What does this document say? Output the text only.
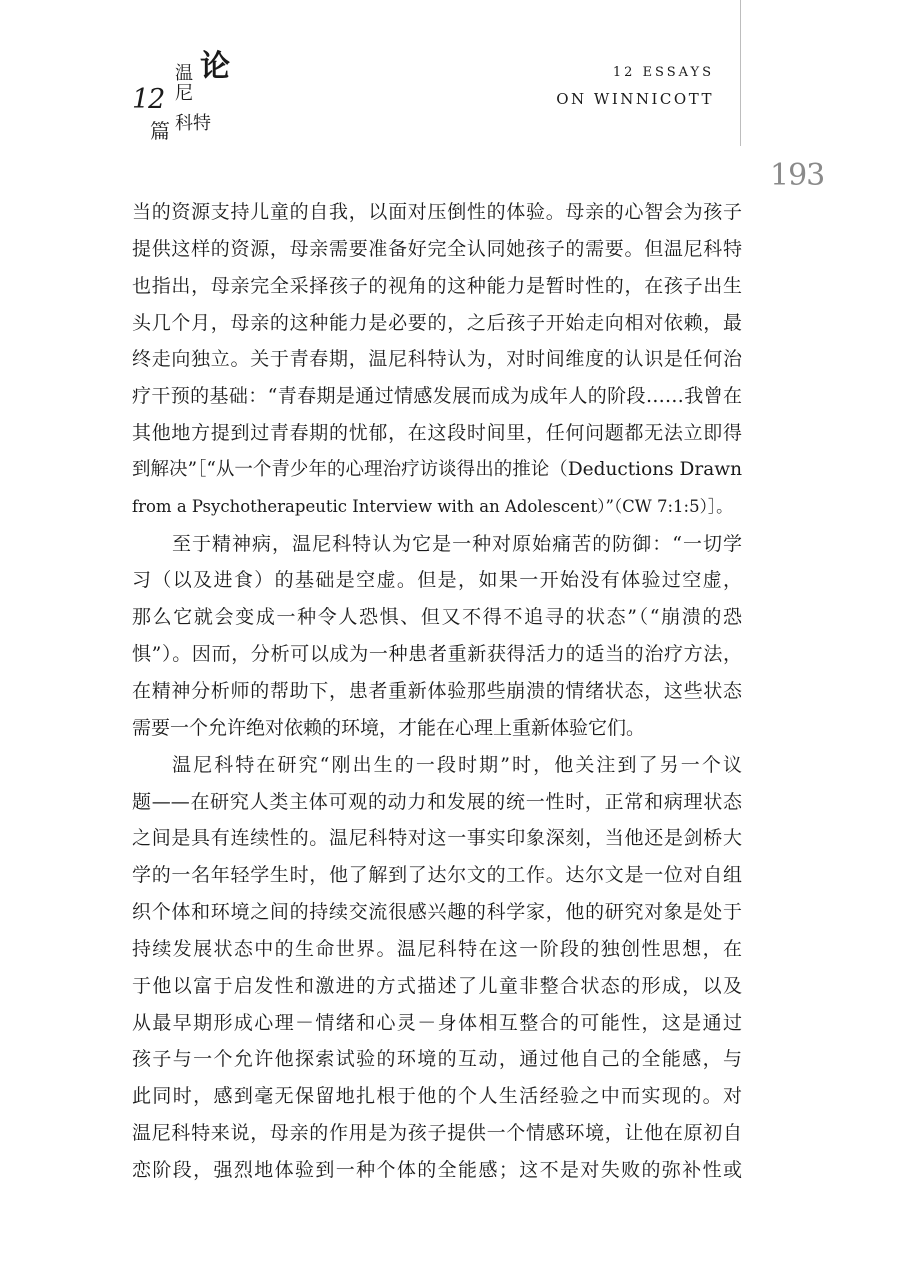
论
12
温尼
科特
篇
12 ESSAYS
ON WINNICOTT
193
当的资源支持儿童的自我，以面对压倒性的体验。母亲的心智会为孩子
提供这样的资源，母亲需要准备好完全认同她孩子的需要。但温尼科特
也指出，母亲完全采择孩子的视角的这种能力是暂时性的，在孩子出生
头几个月，母亲的这种能力是必要的，之后孩子开始走向相对依赖，最
终走向独立。关于青春期，温尼科特认为，对时间维度的认识是任何治
疗干预的基础：“青春期是通过情感发展而成为成年人的阶段……我曾在
其他地方提到过青春期的忧郁，在这段时间里，任何问题都无法立即得
到解决”［“从一个青少年的心理治疗访谈得出的推论（Deductions Drawn
from a Psychotherapeutic Interview with an Adolescent）”（CW 7:1:5）］。
至于精神病，温尼科特认为它是一种对原始痛苦的防御：“一切学
习（以及进食）的基础是空虚。但是，如果一开始没有体验过空虚，
那么它就会变成一种令人恐惧、但又不得不追寻的状态”（“崩溃的恐
惧”）。因而，分析可以成为一种患者重新获得活力的适当的治疗方法，
在精神分析师的帮助下，患者重新体验那些崩溃的情绪状态，这些状态
需要一个允许绝对依赖的环境，才能在心理上重新体验它们。
温尼科特在研究“刚出生的一段时期”时，他关注到了另一个议
题——在研究人类主体可观的动力和发展的统一性时，正常和病理状态
之间是具有连续性的。温尼科特对这一事实印象深刻，当他还是剑桥大
学的一名年轻学生时，他了解到了达尔文的工作。达尔文是一位对自组
织个体和环境之间的持续交流很感兴趣的科学家，他的研究对象是处于
持续发展状态中的生命世界。温尼科特在这一阶段的独创性思想，在
于他以富于启发性和激进的方式描述了儿童非整合状态的形成，以及
从最早期形成心理－情绪和心灵－身体相互整合的可能性，这是通过
孩子与一个允许他探索试验的环境的互动，通过他自己的全能感，与
此同时，感到毫无保留地扎根于他的个人生活经验之中而实现的。对
温尼科特来说，母亲的作用是为孩子提供一个情感环境，让他在原初自
恋阶段，强烈地体验到一种个体的全能感；这不是对失败的弥补性或
